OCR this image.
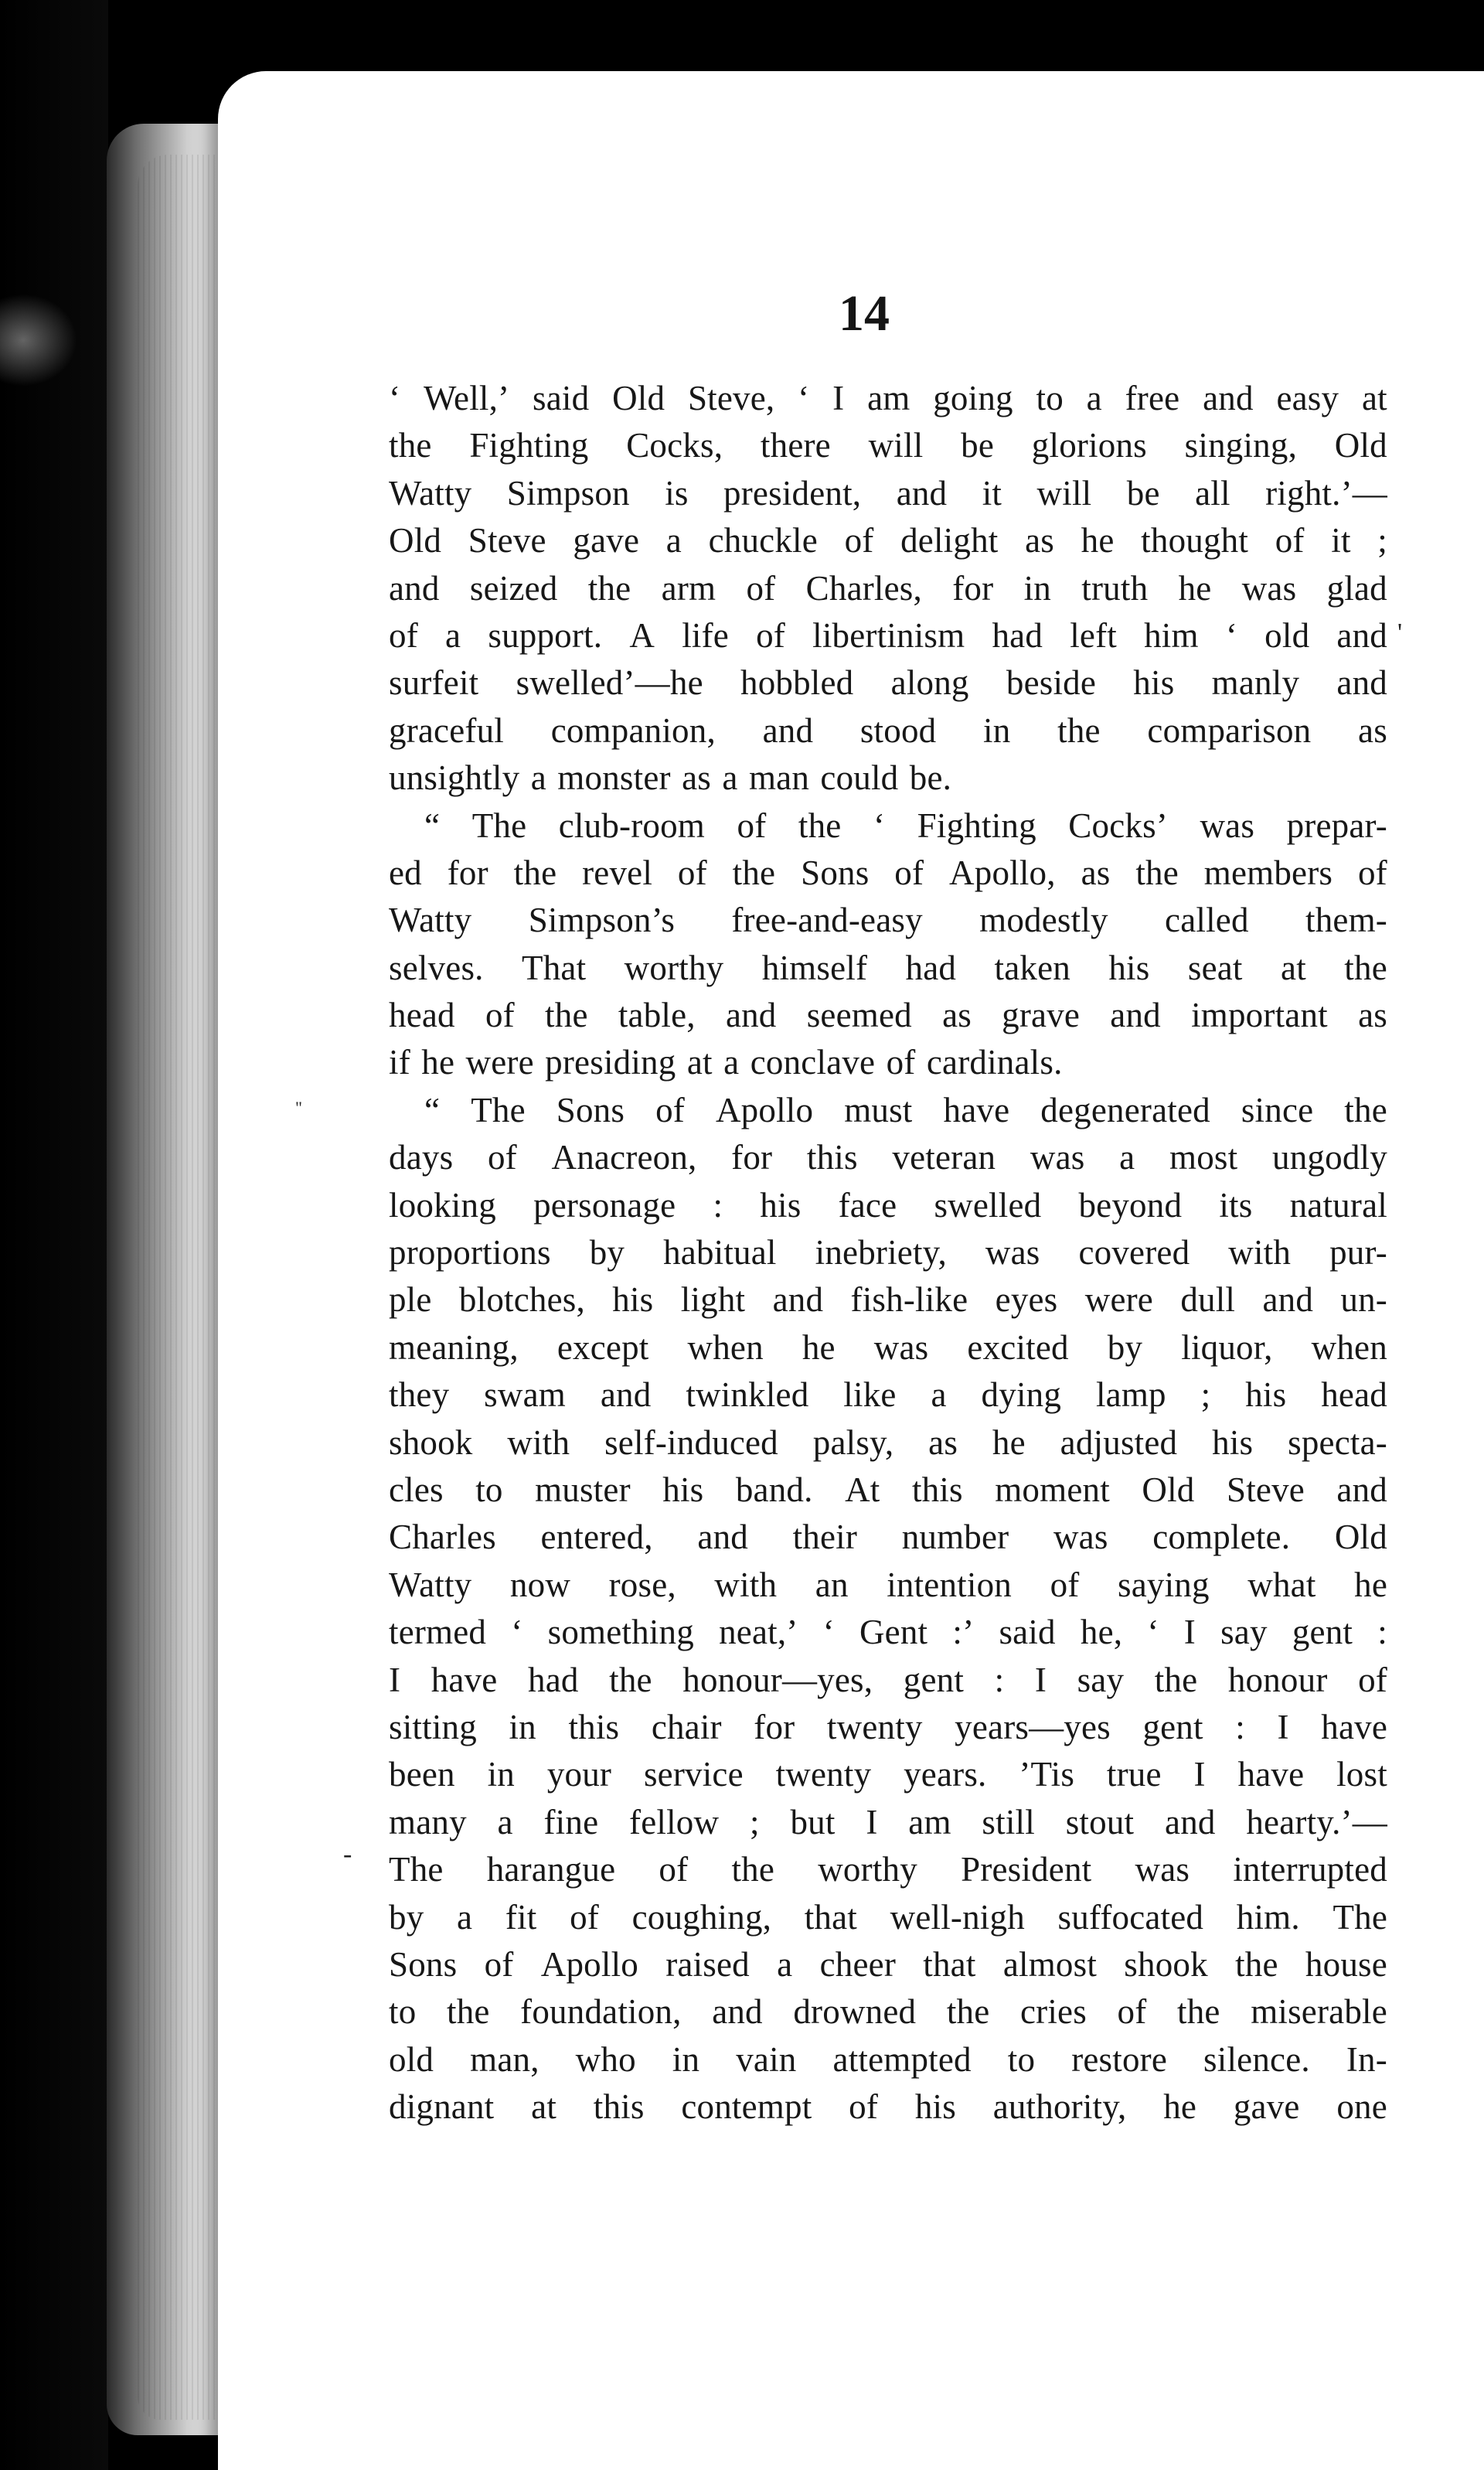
14
'
"
-
‘ Well,’ said Old Steve, ‘ I am going to a free and easy at
the Fighting Cocks, there will be glorions singing, Old
Watty Simpson is president, and it will be all right.’—
Old Steve gave a chuckle of delight as he thought of it ;
and seized the arm of Charles, for in truth he was glad
of a support. A life of libertinism had left him ‘ old and
surfeit swelled’—he hobbled along beside his manly and
graceful companion, and stood in the comparison as
unsightly a monster as a man could be.
“ The club-room of the ‘ Fighting Cocks’ was prepar-
ed for the revel of the Sons of Apollo, as the members of
Watty Simpson’s free-and-easy modestly called them-
selves. That worthy himself had taken his seat at the
head of the table, and seemed as grave and important as
if he were presiding at a conclave of cardinals.
“ The Sons of Apollo must have degenerated since the
days of Anacreon, for this veteran was a most ungodly
looking personage : his face swelled beyond its natural
proportions by habitual inebriety, was covered with pur-
ple blotches, his light and fish-like eyes were dull and un-
meaning, except when he was excited by liquor, when
they swam and twinkled like a dying lamp ; his head
shook with self-induced palsy, as he adjusted his specta-
cles to muster his band. At this moment Old Steve and
Charles entered, and their number was complete. Old
Watty now rose, with an intention of saying what he
termed ‘ something neat,’ ‘ Gent :’ said he, ‘ I say gent :
I have had the honour—yes, gent : I say the honour of
sitting in this chair for twenty years—yes gent : I have
been in your service twenty years. ’Tis true I have lost
many a fine fellow ; but I am still stout and hearty.’—
The harangue of the worthy President was interrupted
by a fit of coughing, that well-nigh suffocated him. The
Sons of Apollo raised a cheer that almost shook the house
to the foundation, and drowned the cries of the miserable
old man, who in vain attempted to restore silence. In-
dignant at this contempt of his authority, he gave one
